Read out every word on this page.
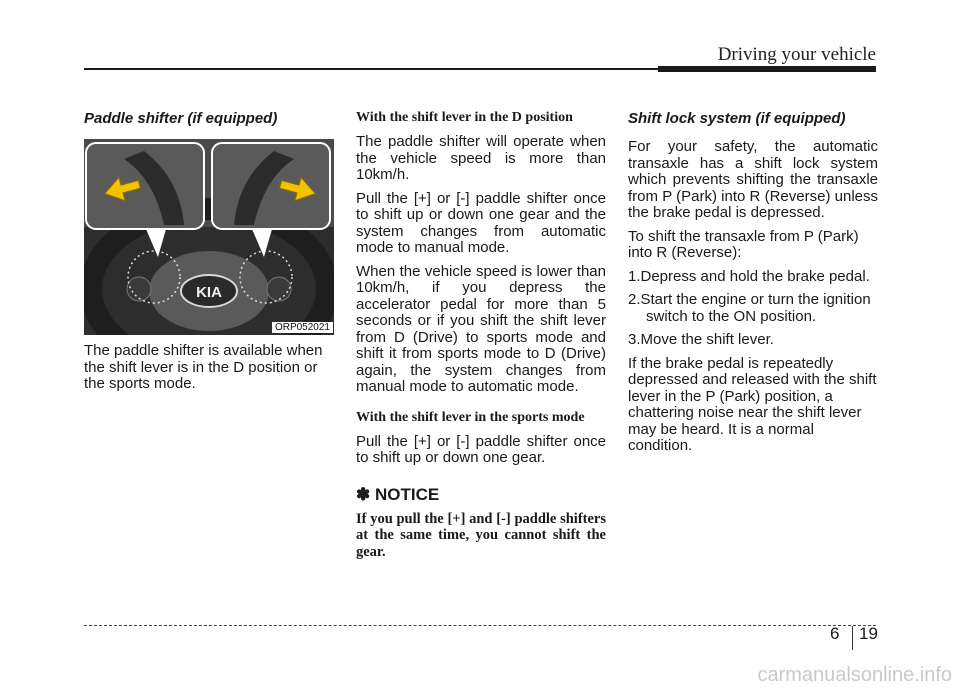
Driving your vehicle
Paddle shifter (if equipped)
KIA
ORP052021

The paddle shifter is available when the shift lever is in the D position or the sports mode.

With the shift lever in the D position

The paddle shifter will operate when the vehicle speed is more than 10km/h.

Pull the [+] or [-] paddle shifter once to shift up or down one gear and the system changes from automatic mode to manual mode.

When the vehicle speed is lower than 10km/h, if you depress the accelerator pedal for more than 5 seconds or if you shift the shift lever from D (Drive) to sports mode and shift it from sports mode to D (Drive) again, the system changes from manual mode to automatic mode.

With the shift lever in the sports mode

Pull the [+] or [-] paddle shifter once to shift up or down one gear.

✽ NOTICE

If you pull the [+] and [-] paddle shifters at the same time, you cannot shift the gear.

Shift lock system (if equipped)

For your safety, the automatic transaxle has a shift lock system which prevents shifting the transaxle from P (Park) into R (Reverse) unless the brake pedal is depressed.

To shift the transaxle from P (Park) into R (Reverse):

1.Depress and hold the brake pedal.
2.Start the engine or turn the ignition switch to the ON position.
3.Move the shift lever.

If the brake pedal is repeatedly depressed and released with the shift lever in the P (Park) position, a chattering noise near the shift lever may be heard. It is a normal condition.

6 19
carmanualsonline.info
